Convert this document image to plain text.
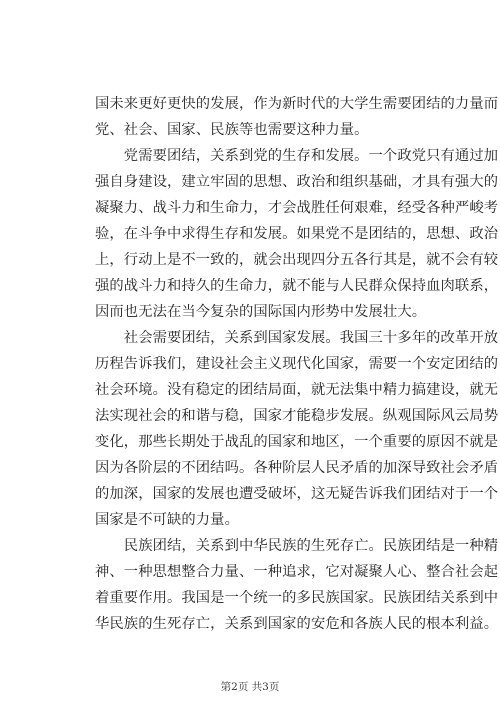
国未来更好更快的发展，作为新时代的大学生需要团结的力量而
党、社会、国家、民族等也需要这种力量。
　　党需要团结，关系到党的生存和发展。一个政党只有通过加
强自身建设，建立牢固的思想、政治和组织基础，才具有强大的
凝聚力、战斗力和生命力，才会战胜任何艰难，经受各种严峻考
验，在斗争中求得生存和发展。如果党不是团结的，思想、政治
上，行动上是不一致的，就会出现四分五各行其是，就不会有较
强的战斗力和持久的生命力，就不能与人民群众保持血肉联系，
因而也无法在当今复杂的国际国内形势中发展壮大。
　　社会需要团结，关系到国家发展。我国三十多年的改革开放
历程告诉我们，建设社会主义现代化国家，需要一个安定团结的
社会环境。没有稳定的团结局面，就无法集中精力搞建设，就无
法实现社会的和谐与稳，国家才能稳步发展。纵观国际风云局势
变化，那些长期处于战乱的国家和地区，一个重要的原因不就是
因为各阶层的不团结吗。各种阶层人民矛盾的加深导致社会矛盾
的加深，国家的发展也遭受破坏，这无疑告诉我们团结对于一个
国家是不可缺的力量。
　　民族团结，关系到中华民族的生死存亡。民族团结是一种精
神、一种思想整合力量、一种追求，它对凝聚人心、整合社会起
着重要作用。我国是一个统一的多民族国家。民族团结关系到中
华民族的生死存亡，关系到国家的安危和各族人民的根本利益。
第2页 共3页
